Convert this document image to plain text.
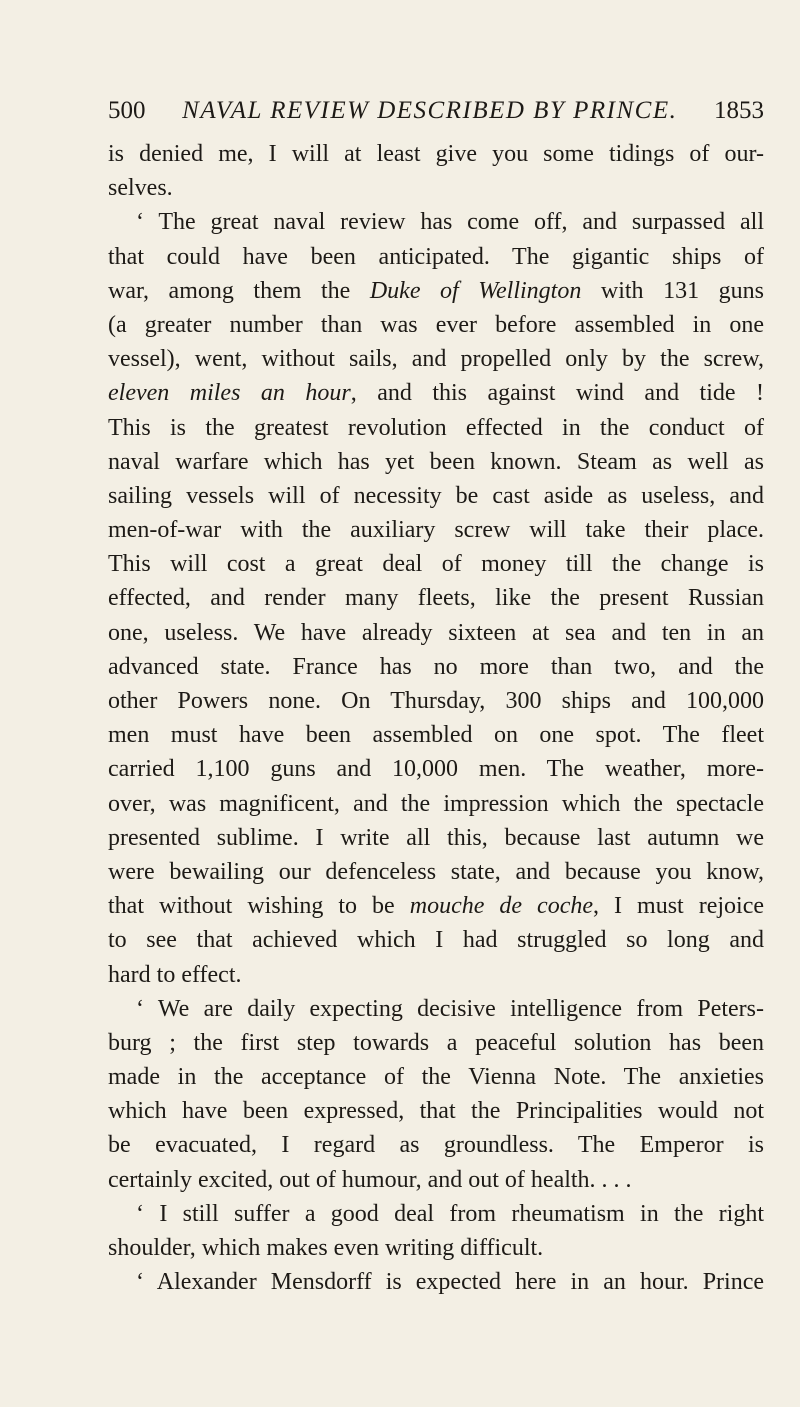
500 NAVAL REVIEW DESCRIBED BY PRINCE. 1853
is denied me, I will at least give you some tidings of our-
selves.
‘ The great naval review has come off, and surpassed all
that could have been anticipated. The gigantic ships of
war, among them the Duke of Wellington with 131 guns
(a greater number than was ever before assembled in one
vessel), went, without sails, and propelled only by the screw,
eleven miles an hour, and this against wind and tide !
This is the greatest revolution effected in the conduct of
naval warfare which has yet been known. Steam as well as
sailing vessels will of necessity be cast aside as useless, and
men-of-war with the auxiliary screw will take their place.
This will cost a great deal of money till the change is
effected, and render many fleets, like the present Russian
one, useless. We have already sixteen at sea and ten in an
advanced state. France has no more than two, and the
other Powers none. On Thursday, 300 ships and 100,000
men must have been assembled on one spot. The fleet
carried 1,100 guns and 10,000 men. The weather, more-
over, was magnificent, and the impression which the spectacle
presented sublime. I write all this, because last autumn we
were bewailing our defenceless state, and because you know,
that without wishing to be mouche de coche, I must rejoice
to see that achieved which I had struggled so long and
hard to effect.
‘ We are daily expecting decisive intelligence from Peters-
burg ; the first step towards a peaceful solution has been
made in the acceptance of the Vienna Note. The anxieties
which have been expressed, that the Principalities would not
be evacuated, I regard as groundless. The Emperor is
certainly excited, out of humour, and out of health. . . .
‘ I still suffer a good deal from rheumatism in the right
shoulder, which makes even writing difficult.
‘ Alexander Mensdorff is expected here in an hour. Prince
